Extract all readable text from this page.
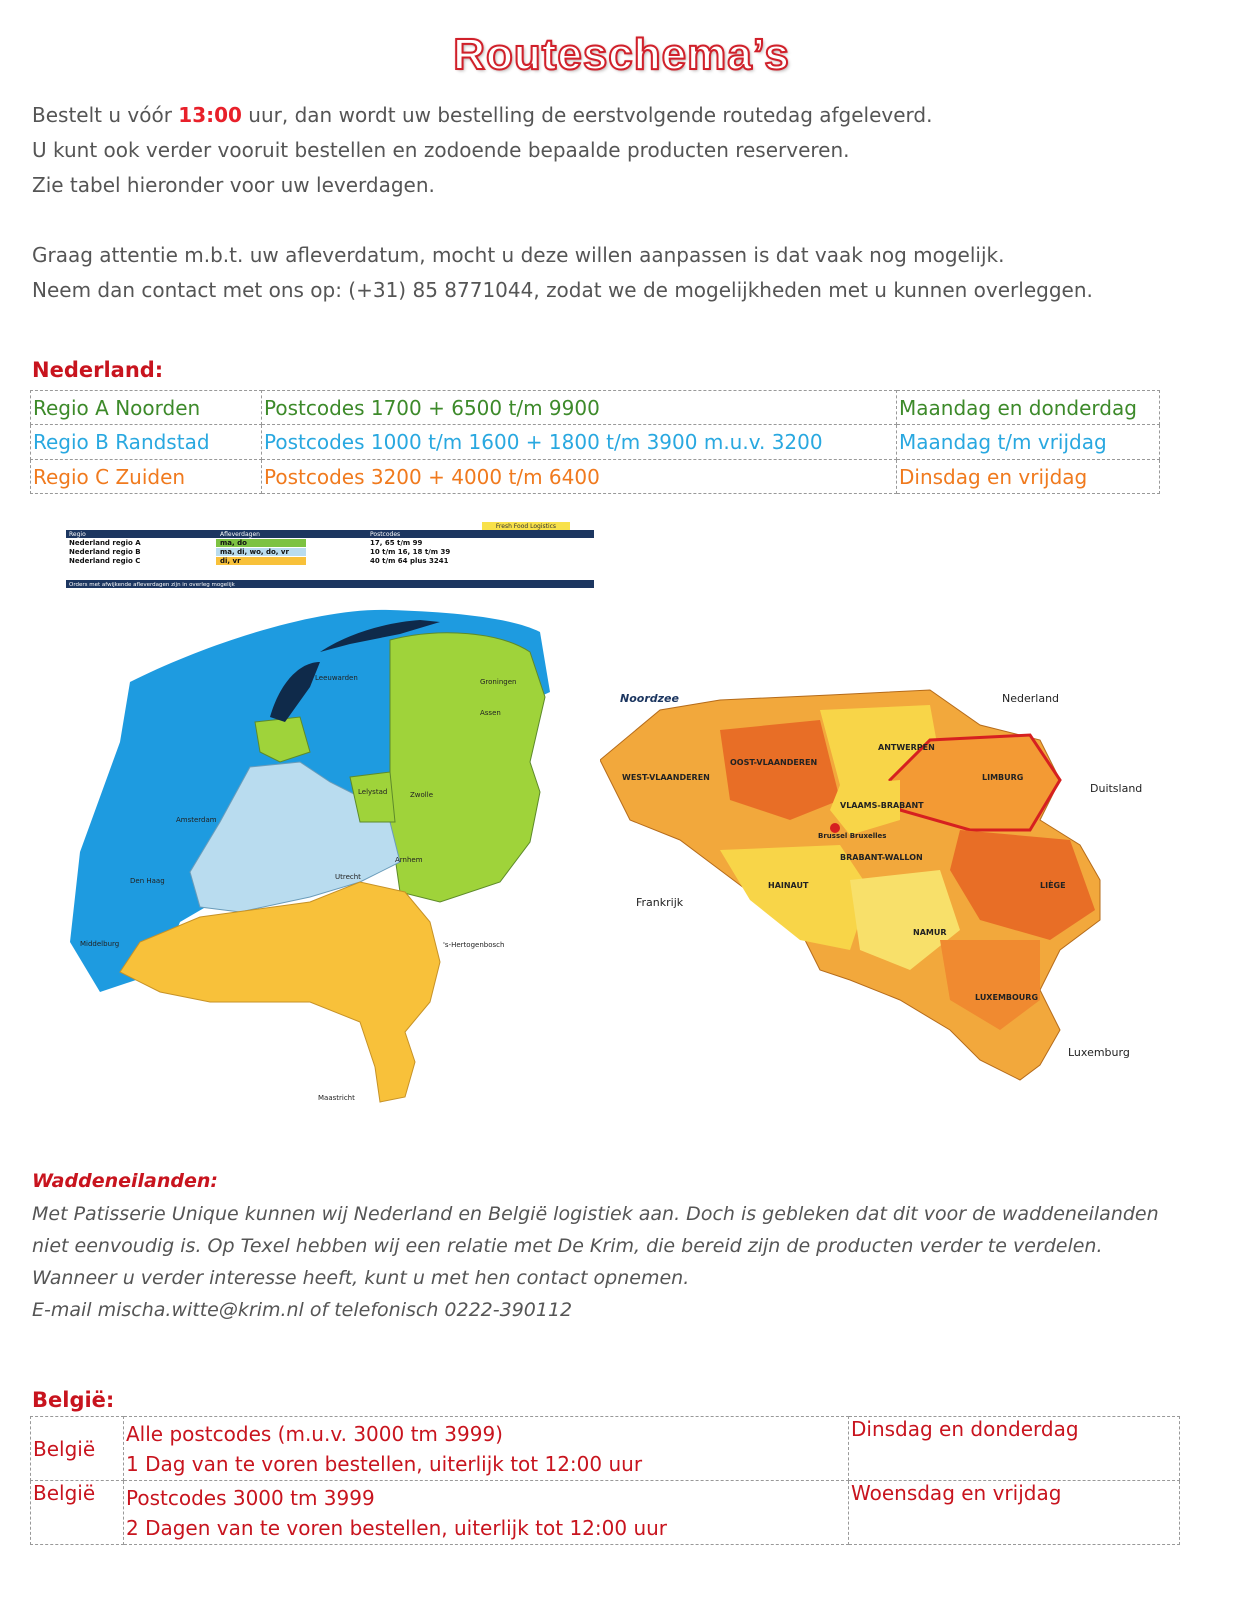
Routeschema’s

Bestelt u vóór 13:00 uur, dan wordt uw bestelling de eerstvolgende routedag afgeleverd.

U kunt ook verder vooruit bestellen en zodoende bepaalde producten reserveren.

Zie tabel hieronder voor uw leverdagen.

Graag attentie m.b.t. uw afleverdatum, mocht u deze willen aanpassen is dat vaak nog mogelijk.

Neem dan contact met ons op: (+31) 85 8771044, zodat we de mogelijkheden met u kunnen overleggen.

Nederland:
Regio A Noorden	Postcodes 1700 + 6500 t/m 9900	Maandag en donderdag
Regio B Randstad	Postcodes 1000 t/m 1600 + 1800 t/m 3900 m.u.v. 3200	Maandag t/m vrijdag
Regio C Zuiden	Postcodes 3200 + 4000 t/m 6400	Dinsdag en vrijdag
Fresh Food Logistics
Regio	Afleverdagen	Postcodes
Nederland regio A	ma, do	17, 65 t/m 99
Nederland regio B	ma, di, wo, do, vr	10 t/m 16, 18 t/m 39
Nederland regio C	di, vr	40 t/m 64 plus 3241
Orders met afwijkende afleverdagen zijn in overleg mogelijk
Leeuwarden	Groningen
Assen
Lelystad	Zwolle
Amsterdam
Utrecht
Den Haag
Arnhem
's-Hertogenbosch
Middelburg
Maastricht
WEST-VLAANDEREN
OOST-VLAANDEREN
ANTWERPEN
LIMBURG
VLAAMS-BRABANT
BRABANT-WALLON
HAINAUT
NAMUR
LIÈGE
LUXEMBOURG
Brussel Bruxelles
Noordzee	Nederland
Duitsland
Frankrijk
Luxemburg
Waddeneilanden:

Met Patisserie Unique kunnen wij Nederland en België logistiek aan. Doch is gebleken dat dit voor de waddeneilanden

niet eenvoudig is. Op Texel hebben wij een relatie met De Krim, die bereid zijn de producten verder te verdelen.

Wanneer u verder interesse heeft, kunt u met hen contact opnemen.

E-mail mischa.witte@krim.nl of telefonisch 0222-390112

België:
België	Alle postcodes (m.u.v. 3000 tm 3999)
1 Dag van te voren bestellen, uiterlijk tot 12:00 uur	Dinsdag en donderdag
België	Postcodes 3000 tm 3999
2 Dagen van te voren bestellen, uiterlijk tot 12:00 uur	Woensdag en vrijdag
